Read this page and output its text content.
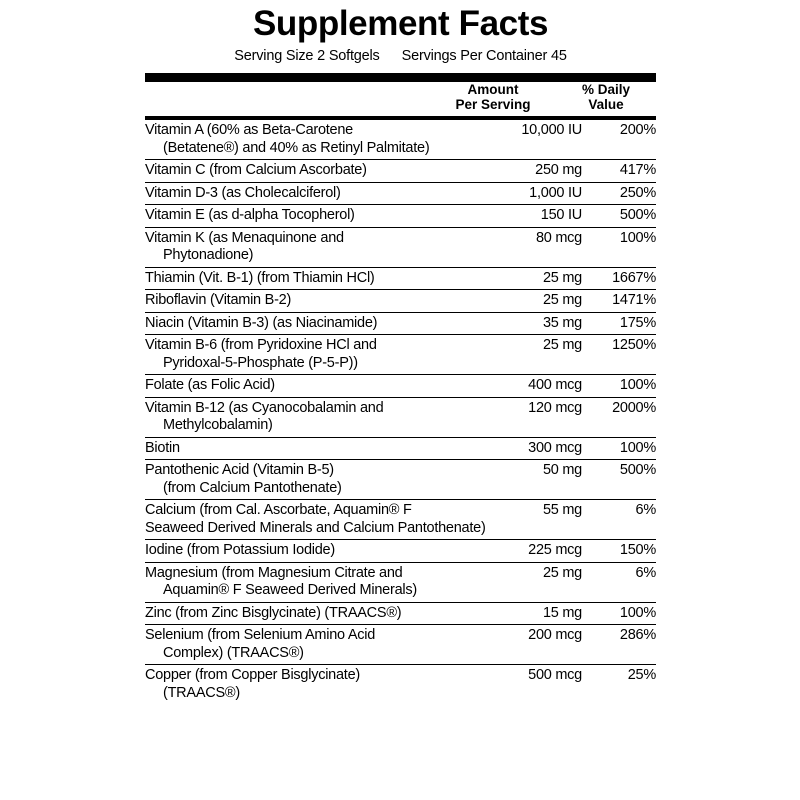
Supplement Facts
Serving Size 2 Softgels Servings Per Container 45
Amount
Per Serving
% Daily
Value
Vitamin A (60% as Beta-Carotene
(Betatene®) and 40% as Retinyl Palmitate)	10,000 IU	200%
Vitamin C (from Calcium Ascorbate)	250 mg	417%
Vitamin D-3 (as Cholecalciferol)	1,000 IU	250%
Vitamin E (as d-alpha Tocopherol)	150 IU	500%
Vitamin K (as Menaquinone and
Phytonadione)	80 mcg	100%
Thiamin (Vit. B-1) (from Thiamin HCl)	25 mg	1667%
Riboflavin (Vitamin B-2)	25 mg	1471%
Niacin (Vitamin B-3) (as Niacinamide)	35 mg	175%
Vitamin B-6 (from Pyridoxine HCl and
Pyridoxal-5-Phosphate (P-5-P))	25 mg	1250%
Folate (as Folic Acid)	400 mcg	100%
Vitamin B-12 (as Cyanocobalamin and
Methylcobalamin)	120 mcg	2000%
Biotin	300 mcg	100%
Pantothenic Acid (Vitamin B-5)
(from Calcium Pantothenate)	50 mg	500%
Calcium (from Cal. Ascorbate, Aquamin® F
Seaweed Derived Minerals and Calcium Pantothenate)	55 mg	6%
Iodine (from Potassium Iodide)	225 mcg	150%
Magnesium (from Magnesium Citrate and
Aquamin® F Seaweed Derived Minerals)	25 mg	6%
Zinc (from Zinc Bisglycinate) (TRAACS®)	15 mg	100%
Selenium (from Selenium Amino Acid
Complex) (TRAACS®)	200 mcg	286%
Copper (from Copper Bisglycinate)
(TRAACS®)	500 mcg	25%
